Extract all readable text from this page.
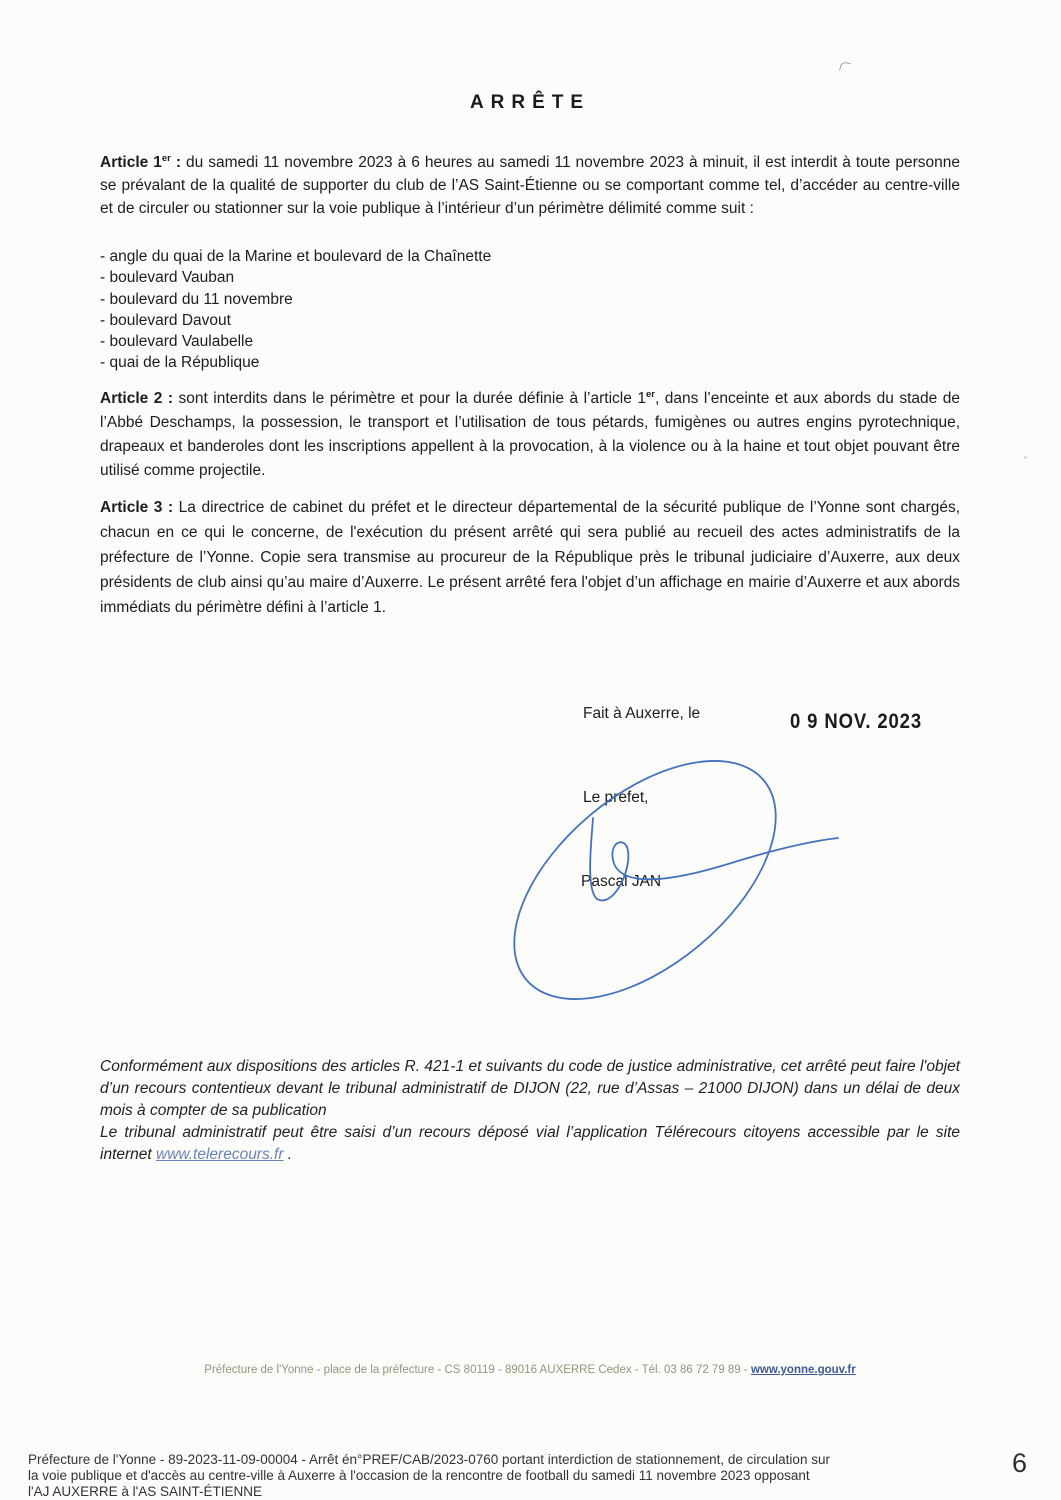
ARRÊTE
Article 1er : du samedi 11 novembre 2023 à 6 heures au samedi 11 novembre 2023 à minuit, il est interdit à toute personne se prévalant de la qualité de supporter du club de l’AS Saint-Étienne ou se comportant comme tel, d’accéder au centre-ville et de circuler ou stationner sur la voie publique à l’intérieur d’un périmètre délimité comme suit :
- angle du quai de la Marine et boulevard de la Chaînette
- boulevard Vauban
- boulevard du 11 novembre
- boulevard Davout
- boulevard Vaulabelle
- quai de la République
Article 2 : sont interdits dans le périmètre et pour la durée définie à l’article 1er, dans l’enceinte et aux abords du stade de l’Abbé Deschamps, la possession, le transport et l’utilisation de tous pétards, fumigènes ou autres engins pyrotechnique, drapeaux et banderoles dont les inscriptions appellent à la provocation, à la violence ou à la haine et tout objet pouvant être utilisé comme projectile.
Article 3 : La directrice de cabinet du préfet et le directeur départemental de la sécurité publique de l’Yonne sont chargés, chacun en ce qui le concerne, de l'exécution du présent arrêté qui sera publié au recueil des actes administratifs de la préfecture de l’Yonne. Copie sera transmise au procureur de la République près le tribunal judiciaire d’Auxerre, aux deux présidents de club ainsi qu’au maire d’Auxerre. Le présent arrêté fera l'objet d’un affichage en mairie d’Auxerre et aux abords immédiats du périmètre défini à l’article 1.
Fait à Auxerre, le	0 9 NOV. 2023
Le préfet,
Pascal JAN

Conformément aux dispositions des articles R. 421-1 et suivants du code de justice administrative, cet arrêté peut faire l'objet d’un recours contentieux devant le tribunal administratif de DIJON (22, rue d’Assas – 21000 DIJON) dans un délai de deux mois à compter de sa publication

Le tribunal administratif peut être saisi d’un recours déposé vial l’application Télérecours citoyens accessible par le site internet www.telerecours.fr .

Préfecture de l'Yonne - place de la préfecture - CS 80119 - 89016 AUXERRE Cedex - Tél. 03 86 72 79 89 - www.yonne.gouv.fr
Préfecture de l'Yonne - 89-2023-11-09-00004 - Arrêt én°PREF/CAB/2023-0760 portant interdiction de stationnement, de circulation sur
la voie publique et d'accès au centre-ville à Auxerre à l'occasion de la rencontre de football du samedi 11 novembre 2023 opposant
l'AJ AUXERRE à l'AS SAINT-ÉTIENNE
6
